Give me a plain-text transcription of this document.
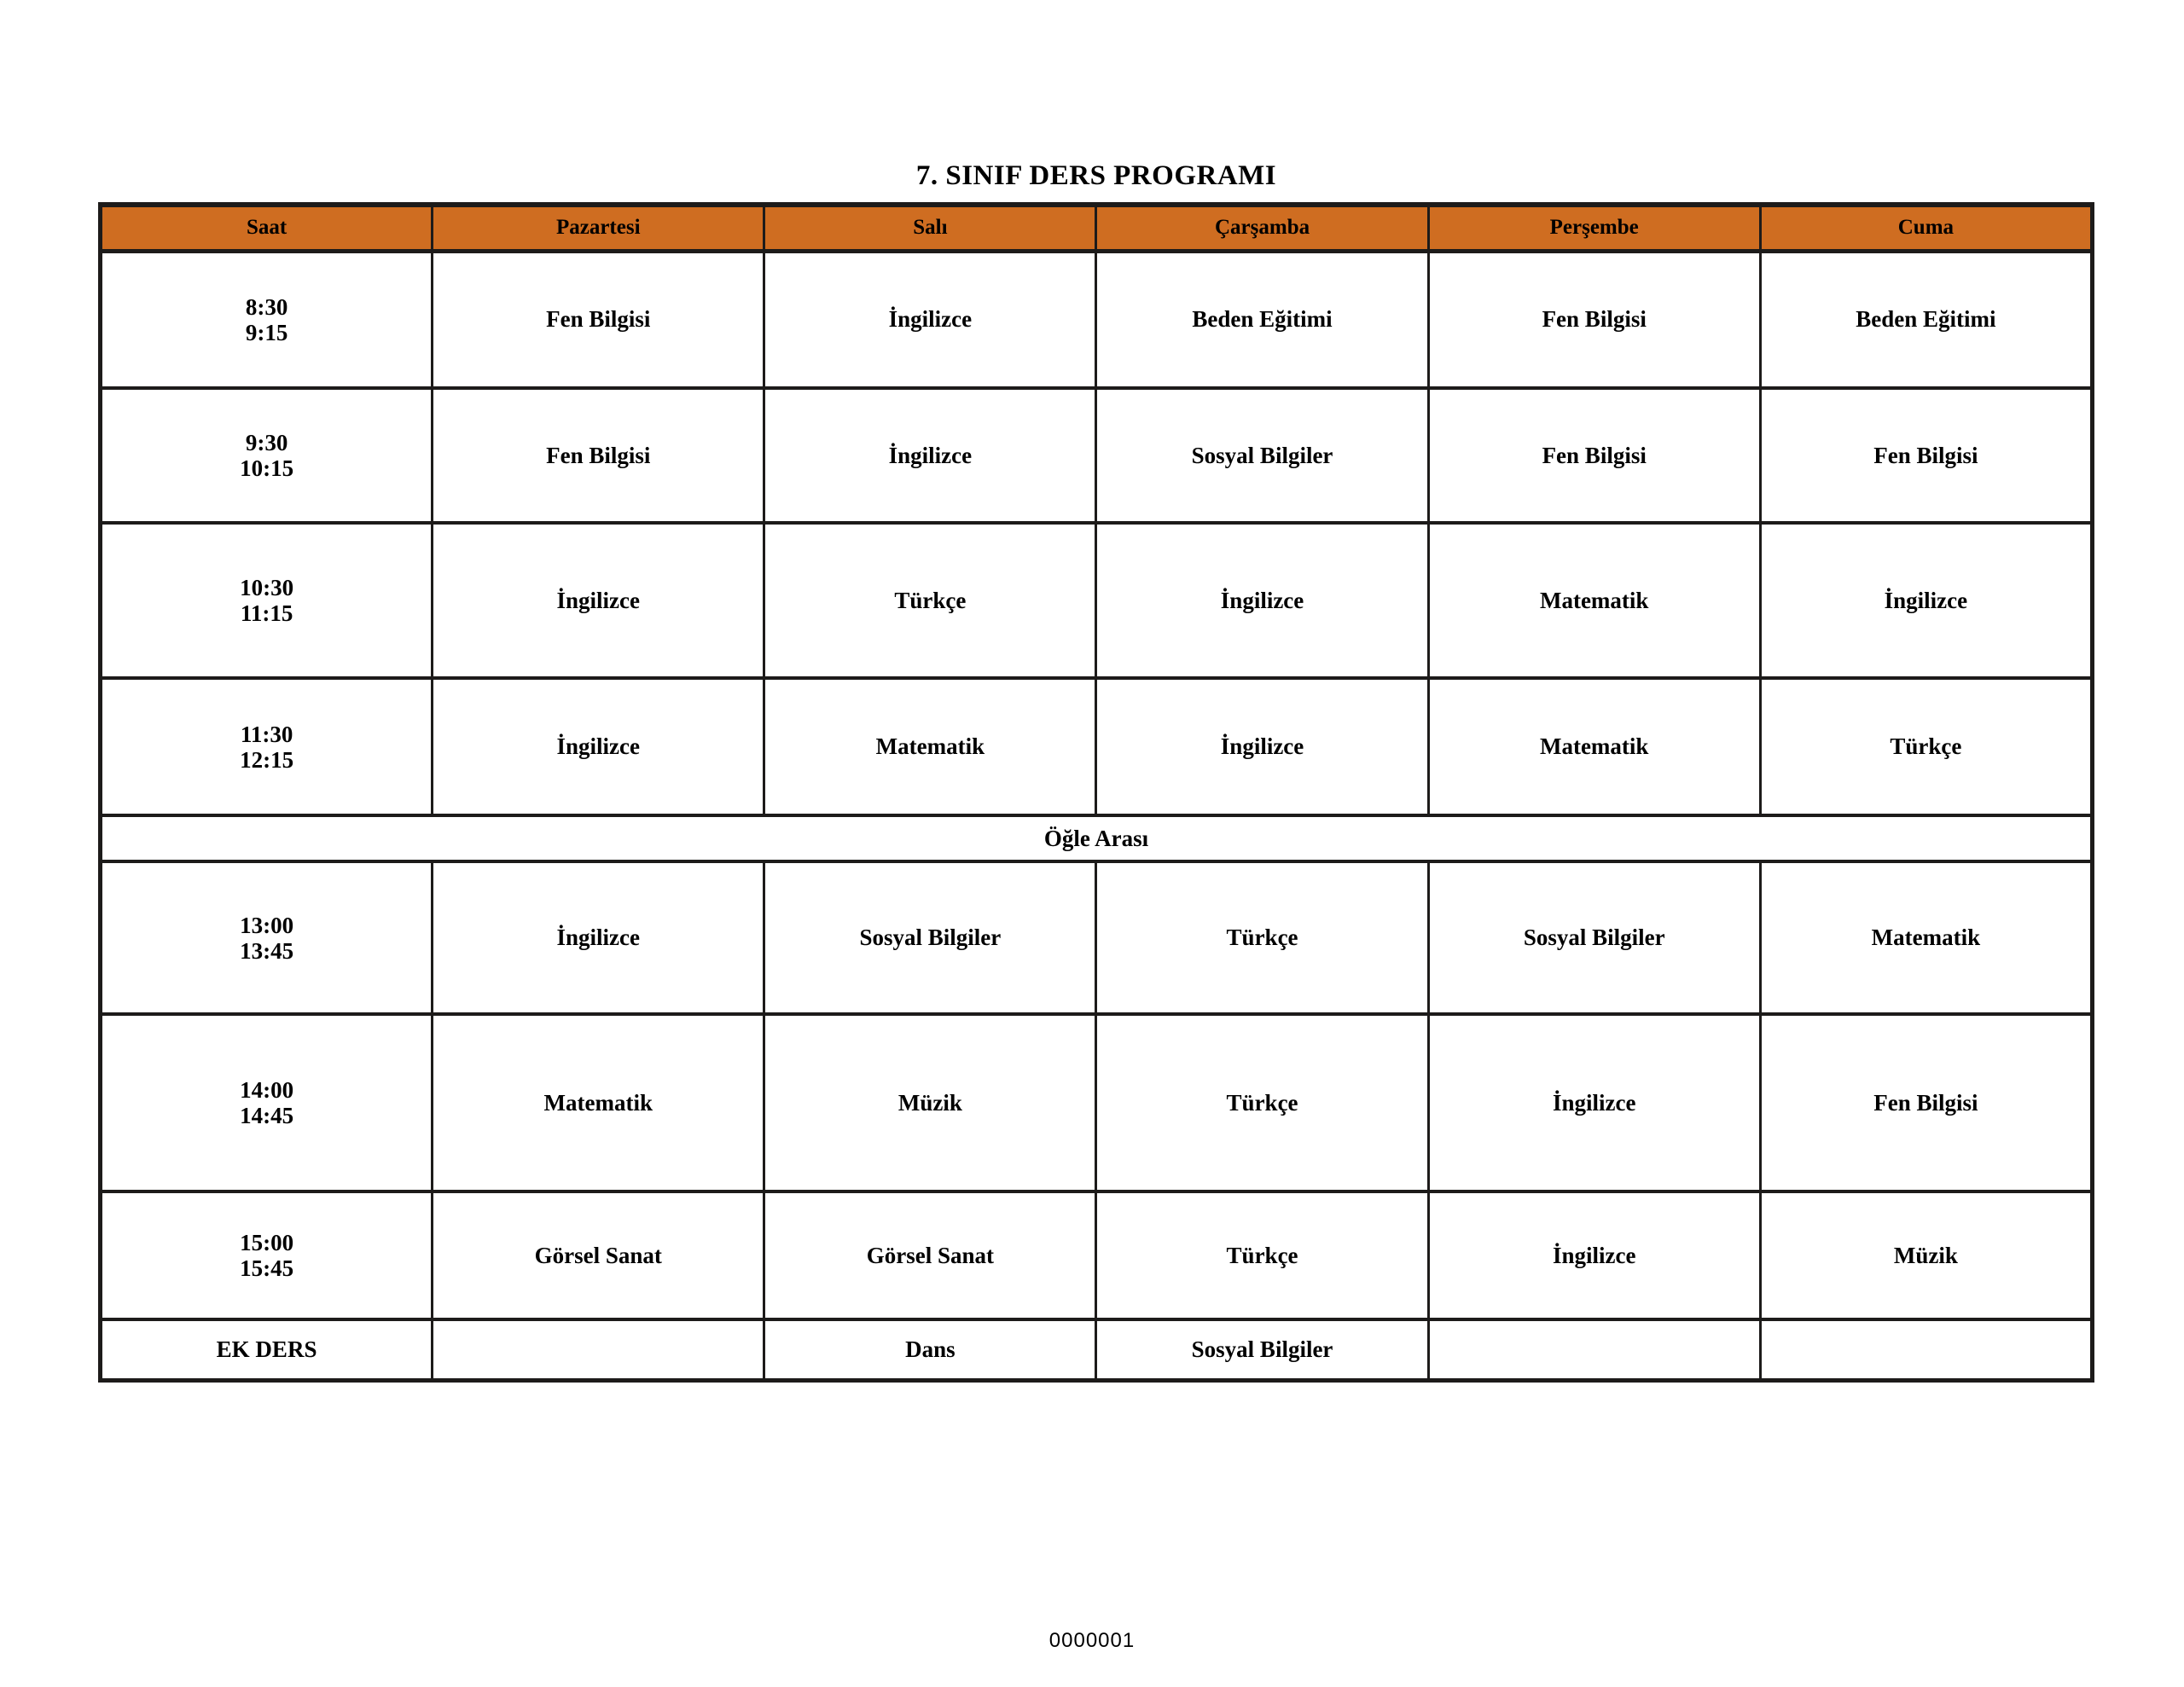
7. SINIF DERS PROGRAMI
Saat	Pazartesi	Salı	Çarşamba	Perşembe	Cuma

8:30
9:15	Fen Bilgisi	İngilizce	Beden Eğitimi	Fen Bilgisi	Beden Eğitimi

9:30
10:15	Fen Bilgisi	İngilizce	Sosyal Bilgiler	Fen Bilgisi	Fen Bilgisi

10:30
11:15	İngilizce	Türkçe	İngilizce	Matematik	İngilizce

11:30
12:15	İngilizce	Matematik	İngilizce	Matematik	Türkçe
Öğle Arası					

13:00
13:45	İngilizce	Sosyal Bilgiler	Türkçe	Sosyal Bilgiler	Matematik

14:00
14:45	Matematik	Müzik	Türkçe	İngilizce	Fen Bilgisi

15:00
15:45	Görsel Sanat	Görsel Sanat	Türkçe	İngilizce	Müzik

EK DERS		Dans	Sosyal Bilgiler		
0000001
